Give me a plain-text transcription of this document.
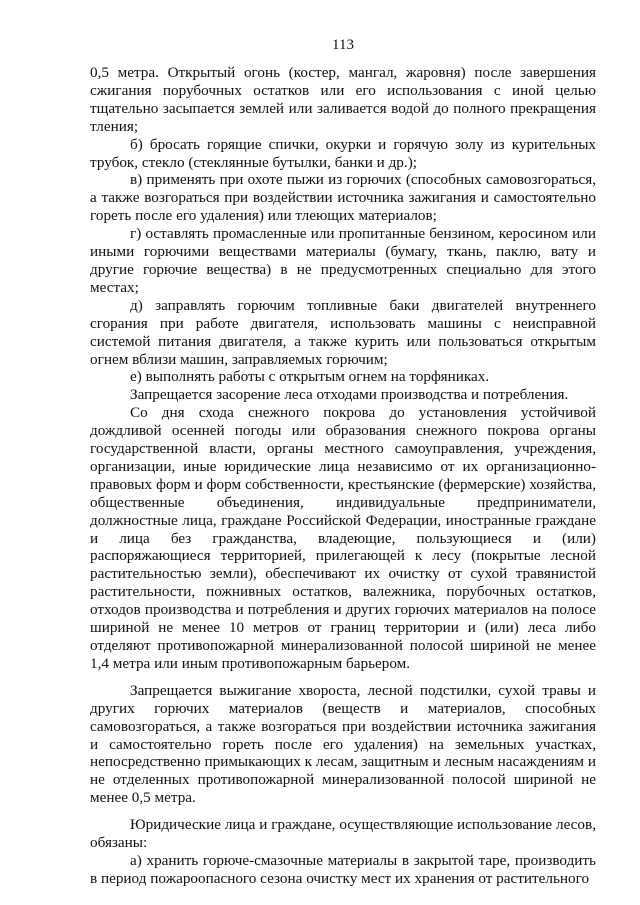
113

0,5 метра. Открытый огонь (костер, мангал, жаровня) после завершения сжигания порубочных остатков или его использования с иной целью тщательно засыпается землей или заливается водой до полного прекращения тления;

б) бросать горящие спички, окурки и горячую золу из курительных трубок, стекло (стеклянные бутылки, банки и др.);

в) применять при охоте пыжи из горючих (способных самовозгораться, а также возгораться при воздействии источника зажигания и самостоятельно гореть после его удаления) или тлеющих материалов;

г) оставлять промасленные или пропитанные бензином, керосином или иными горючими веществами материалы (бумагу, ткань, паклю, вату и другие горючие вещества) в не предусмотренных специально для этого местах;

д) заправлять горючим топливные баки двигателей внутреннего сгорания при работе двигателя, использовать машины с неисправной системой питания двигателя, а также курить или пользоваться открытым огнем вблизи машин, заправляемых горючим;

е) выполнять работы с открытым огнем на торфяниках.

Запрещается засорение леса отходами производства и потребления.

Со дня схода снежного покрова до установления устойчивой дождливой осенней погоды или образования снежного покрова органы государственной власти, органы местного самоуправления, учреждения, организации, иные юридические лица независимо от их организационно-правовых форм и форм собственности, крестьянские (фермерские) хозяйства, общественные объединения, индивидуальные предприниматели, должностные лица, граждане Российской Федерации, иностранные граждане и лица без гражданства, владеющие, пользующиеся и (или) распоряжающиеся территорией, прилегающей к лесу (покрытые лесной растительностью земли), обеспечивают их очистку от сухой травянистой растительности, пожнивных остатков, валежника, порубочных остатков, отходов производства и потребления и других горючих материалов на полосе шириной не менее 10 метров от границ территории и (или) леса либо отделяют противопожарной минерализованной полосой шириной не менее 1,4 метра или иным противопожарным барьером.

Запрещается выжигание хвороста, лесной подстилки, сухой травы и других горючих материалов (веществ и материалов, способных самовозгораться, а также возгораться при воздействии источника зажигания и самостоятельно гореть после его удаления) на земельных участках, непосредственно примыкающих к лесам, защитным и лесным насаждениям и не отделенных противопожарной минерализованной полосой шириной не менее 0,5 метра.

Юридические лица и граждане, осуществляющие использование лесов, обязаны:

а) хранить горюче-смазочные материалы в закрытой таре, производить в период пожароопасного сезона очистку мест их хранения от растительного
